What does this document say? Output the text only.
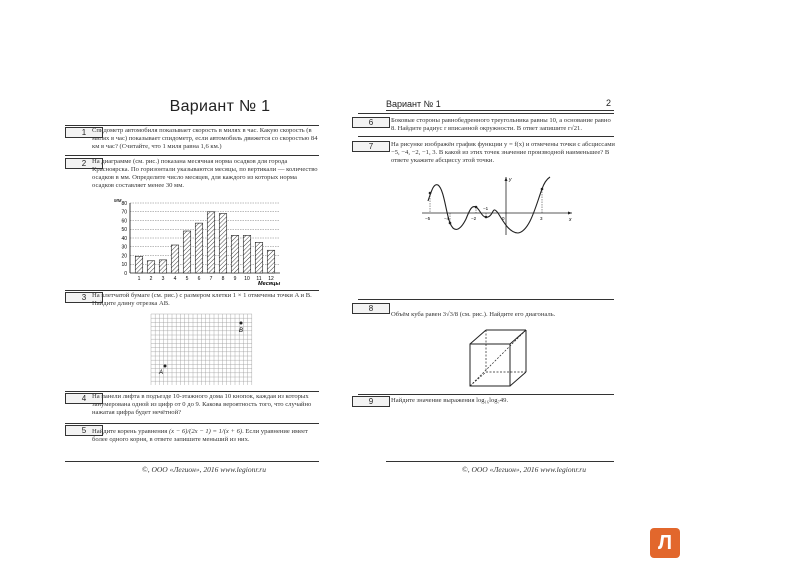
Вариант № 1
1 Спидометр автомобиля показывает скорость в милях в час. Какую скорость (в милях в час) показывает спидометр, если автомобиль движется со скоростью 84 км в час? (Считайте, что 1 миля равна 1,6 км.)
2 На диаграмме (см. рис.) показана месячная норма осадков для города Красноярска. По горизонтали указываются месяцы, по вертикали — количество осадков в мм. Определите число месяцев, для каждого из которых норма осадков составляет менее 30 мм.
0
10
20
30
40
50
60
70
80
1 2 3 4 5 6 7 8 9 10 11 12
мм
Месяцы
3 На клетчатой бумаге (см. рис.) с размером клетки 1 × 1 отмечены точки A и B. Найдите длину отрезка AB.
A
B
4 На панели лифта в подъезде 10-этажного дома 10 кнопок, каждая из которых занумерована одной из цифр от 0 до 9. Какова вероятность того, что случайно нажатая цифра будет нечётной?
5 Найдите корень уравнения (x − 6)/(2x − 1) = 1/(x + 6). Если уравнение имеет более одного корня, в ответе запишите меньший из них.
©, ООО «Легион», 2016 www.legionr.ru
Вариант № 1	2
6	Боковые стороны равнобедренного треугольника равны 10, а основание равно 8. Найдите радиус r вписанной окружности. В ответ запишите r√21.
7	На рисунке изображён график функции y = f(x) и отмечены точки с абсциссами −5, −4, −2, −1, 3. В какой из этих точек значение производной наименьшее? В ответе укажите абсциссу этой точки.
x
y
−5	−4	−2
−1
0	3
8
Объём куба равен 3√3/8 (см. рис.). Найдите его диагональ.
9	Найдите значение выражения log₁₆log₇49.
©, ООО «Легион», 2016 www.legionr.ru
Л
